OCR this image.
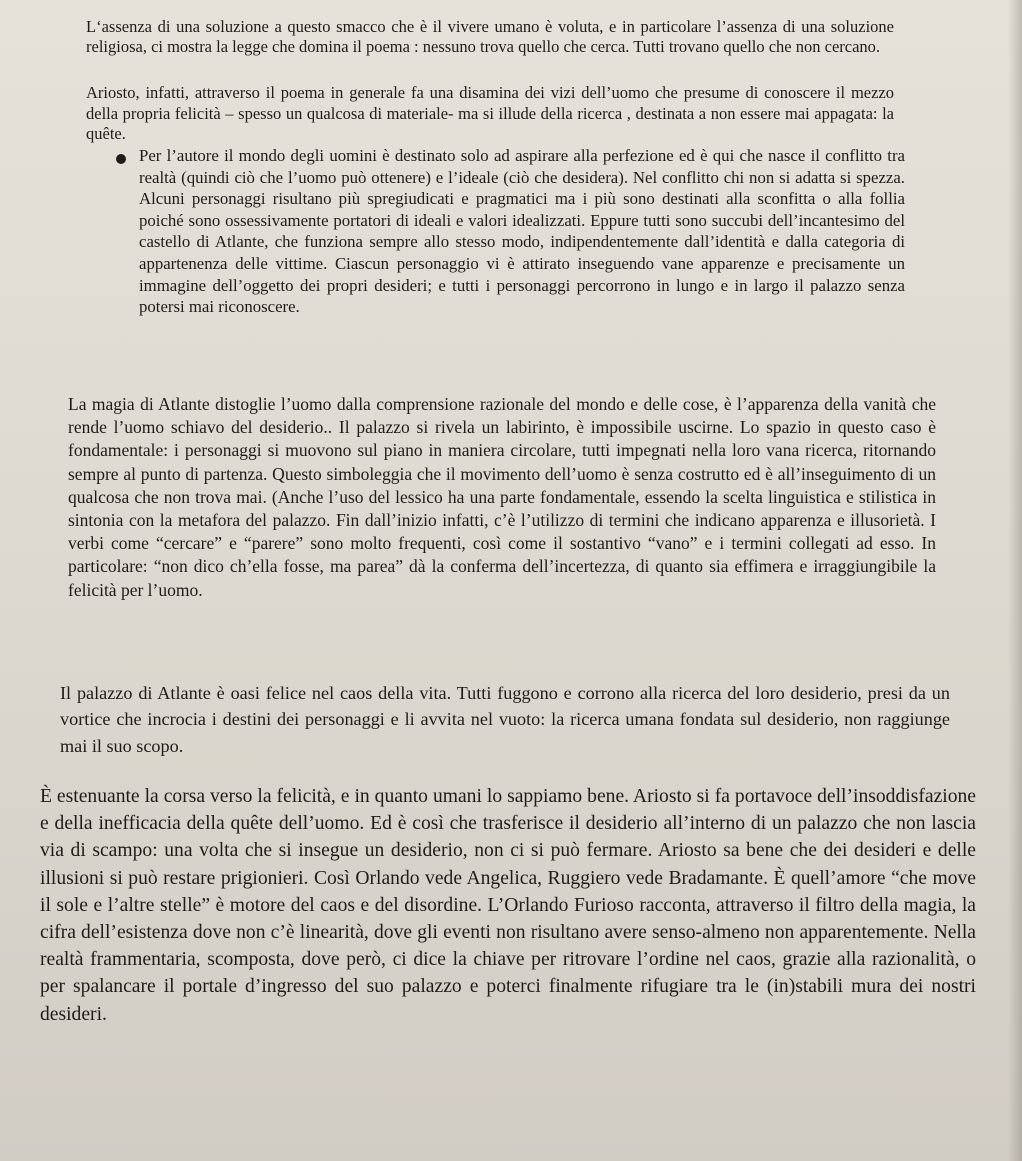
L‘assenza di una soluzione a questo smacco che è il vivere umano è voluta, e in particolare l’assenza di una soluzione religiosa, ci mostra la legge che domina il poema : nessuno trova quello che cerca. Tutti trovano quello che non cercano.

Ariosto, infatti, attraverso il poema in generale fa una disamina dei vizi dell’uomo che presume di conoscere il mezzo della propria felicità – spesso un qualcosa di materiale- ma si illude della ricerca , destinata a non essere mai appagata: la quête.

Per l’autore il mondo degli uomini è destinato solo ad aspirare alla perfezione ed è qui che nasce il conflitto tra realtà (quindi ciò che l’uomo può ottenere) e l’ideale (ciò che desidera). Nel conflitto chi non si adatta si spezza. Alcuni personaggi risultano più spregiudicati e pragmatici ma i più sono destinati alla sconfitta o alla follia poiché sono ossessivamente portatori di ideali e valori idealizzati. Eppure tutti sono succubi dell’incantesimo del castello di Atlante, che funziona sempre allo stesso modo, indipendentemente dall’identità e dalla categoria di appartenenza delle vittime. Ciascun personaggio vi è attirato inseguendo vane apparenze e precisamente un immagine dell’oggetto dei propri desideri; e tutti i personaggi percorrono in lungo e in largo il palazzo senza potersi mai riconoscere.

La magia di Atlante distoglie l’uomo dalla comprensione razionale del mondo e delle cose, è l’apparenza della vanità che rende l’uomo schiavo del desiderio.. Il palazzo si rivela un labirinto, è impossibile uscirne. Lo spazio in questo caso è fondamentale: i personaggi si muovono sul piano in maniera circolare, tutti impegnati nella loro vana ricerca, ritornando sempre al punto di partenza. Questo simboleggia che il movimento dell’uomo è senza costrutto ed è all’inseguimento di un qualcosa che non trova mai. (Anche l’uso del lessico ha una parte fondamentale, essendo la scelta linguistica e stilistica in sintonia con la metafora del palazzo. Fin dall’inizio infatti, c’è l’utilizzo di termini che indicano apparenza e illusorietà. I verbi come “cercare” e “parere” sono molto frequenti, così come il sostantivo “vano” e i termini collegati ad esso. In particolare: “non dico ch’ella fosse, ma parea” dà la conferma dell’incertezza, di quanto sia effimera e irraggiungibile la felicità per l’uomo.

Il palazzo di Atlante è oasi felice nel caos della vita. Tutti fuggono e corrono alla ricerca del loro desiderio, presi da un vortice che incrocia i destini dei personaggi e li avvita nel vuoto: la ricerca umana fondata sul desiderio, non raggiunge mai il suo scopo.

È estenuante la corsa verso la felicità, e in quanto umani lo sappiamo bene. Ariosto si fa portavoce dell’insoddisfazione e della inefficacia della quête dell’uomo. Ed è così che trasferisce il desiderio all’interno di un palazzo che non lascia via di scampo: una volta che si insegue un desiderio, non ci si può fermare. Ariosto sa bene che dei desideri e delle illusioni si può restare prigionieri. Così Orlando vede Angelica, Ruggiero vede Bradamante. È quell’amore “che move il sole e l’altre stelle” è motore del caos e del disordine. L’Orlando Furioso racconta, attraverso il filtro della magia, la cifra dell’esistenza dove non c’è linearità, dove gli eventi non risultano avere senso-almeno non apparentemente. Nella realtà frammentaria, scomposta, dove però, ci dice la chiave per ritrovare l’ordine nel caos, grazie alla razionalità, o per spalancare il portale d’ingresso del suo palazzo e poterci finalmente rifugiare tra le (in)stabili mura dei nostri desideri.
